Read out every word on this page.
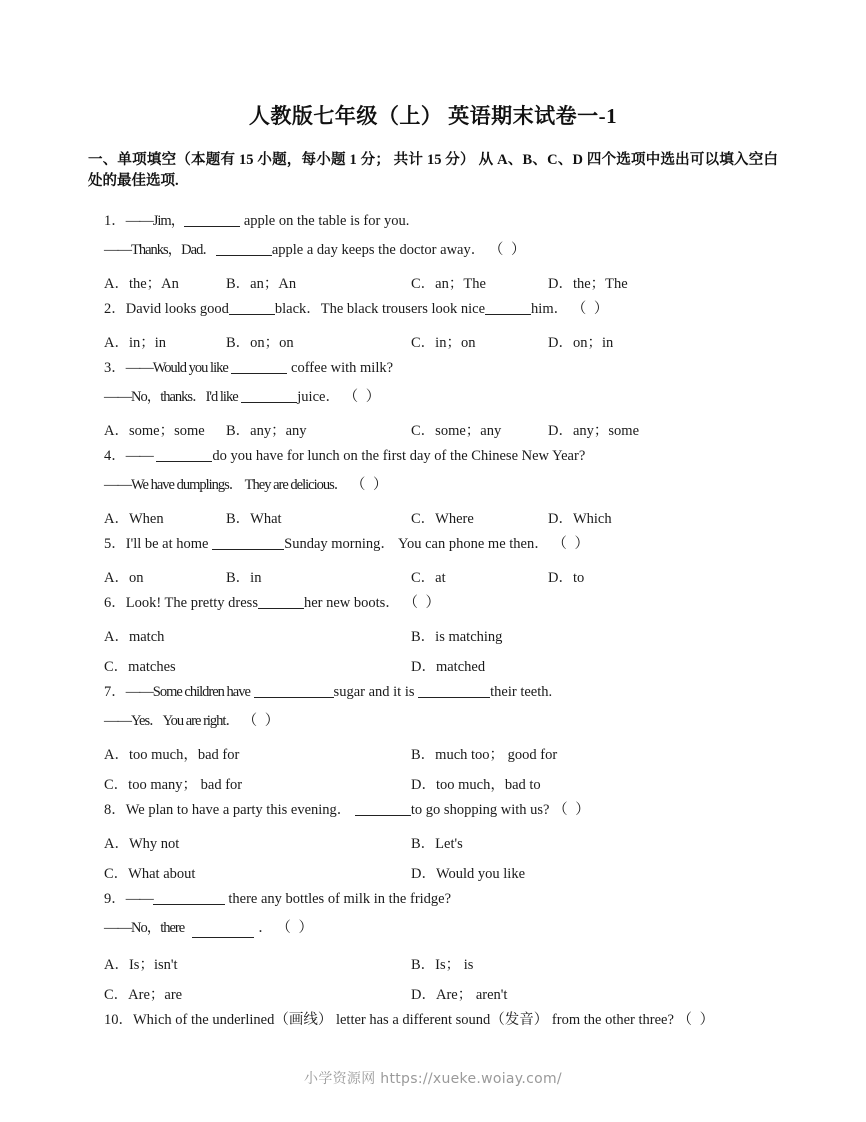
人教版七年级（上） 英语期末试卷一-1
一、单项填空（本题有 15 小题，每小题 1 分； 共计 15 分） 从 A、B、C、D 四个选项中选出可以填入空白处的最佳选项.
1．——Jim，	apple on the table is for you.
——Thanks，Dad．	apple a day keeps the doctor away． （ ）
A．the；An	B．an；An	C．an；The	D．the；The
2．David looks good	black．The black trousers look nice	him． （ ）
A．in；in	B．on；on	C．in；on	D．on；in
3．——Would you like	coffee with milk?
——No，thanks．I'd like	juice． （ ）
A．some；some B．any；any	C．some；any	D．any；some
4．——	do you have for lunch on the first day of the Chinese New Year?
——We have dumplings． They are delicious． （ ）
A．When	B．What	C．Where	D．Which
5．I'll be at home	Sunday morning． You can phone me then． （ ）
A．on	B．in	C．at	D．to
6．Look! The pretty dress	her new boots． （ ）
A．match	B．is matching
C．matches	D．matched
7．——Some children have	sugar and it is	their teeth.
——Yes．You are right． （ ）
A．too much，bad for	B．much too； good for
C．too many； bad for	D．too much，bad to
8．We plan to have a party this evening．	to go shopping with us? （ ）
A．Why not	B．Let's
C．What about	D．Would you like
9．——	there any bottles of milk in the fridge?
——No，there	． （ ）
A．Is；isn't	B．Is； is
C．Are；are	D．Are； aren't
10．Which of the underlined（画线） letter has a different sound（发音） from the other three? （ ）
小学资源网 https://xueke.woiay.com/
